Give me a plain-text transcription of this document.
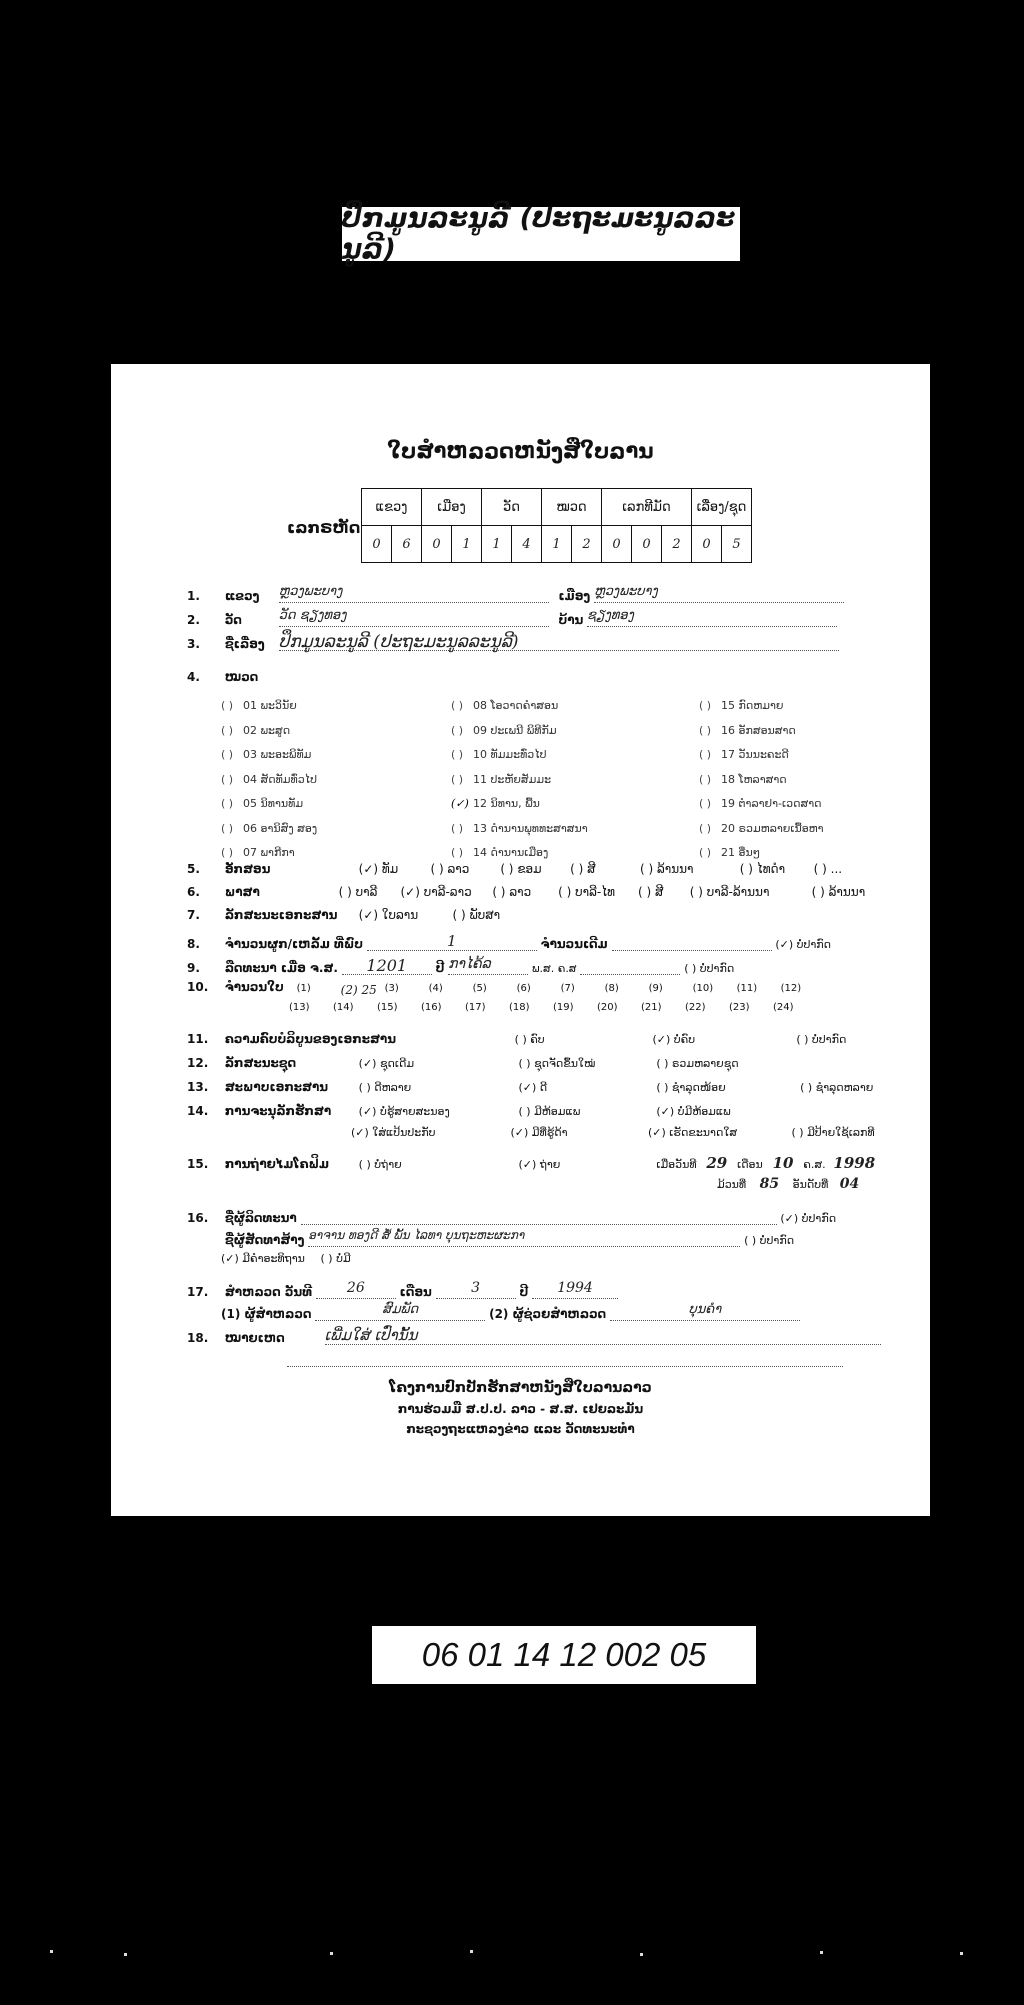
ປຶກມູນລະນູລີ (ປະຖະມະນູລລະນູລີ)
ໃບສຳຫລວດຫນັງສືໃບລານ
ເລກຣຫັດ
ແຂວງ		ເມືອງ		ວັດ		ໝວດ		ເລກທີມັດ			ເລື່ອງ/ຊຸດ	
0	6	0	1	1	4	1	2	0	0	2	0	5
1. ແຂວງ ຫຼວງພະບາງ	ເມືອງ ຫຼວງພະບາງ
2. ວັດ	ວັດ ຊຽງທອງ	ບ້ານ ຊຽງທອງ
3. ຊື່ເລື່ອງ ປຶກມູນລະນູລີ (ປະຖະມະນູລລະນູລີ)
4. ໝວດ
( ) 01 ພະວິນັຍ
( ) 02 ພະສູດ
( ) 03 ພະອະພິທັມ
( ) 04 ສັດທັມທົ່ວໄປ
( ) 05 ນິທານທັມ
( ) 06 ອານິສົງ ສອງ
( ) 07 ພາກີກາ
( ) 08 ໂອວາດຄຳສອນ
( ) 09 ປະເພນີ ພິທີກັມ
( ) 10 ທັມມະທົ່ວໄປ
( ) 11 ປະຫັຍສັມມະ
(✓) 12 ນິທານ, ພື້ນ
( ) 13 ດຳນານພຸທທະສາສນາ
( ) 14 ດຳນານເມືອງ
( ) 15 ກົດຫມາຍ
( ) 16 ອັກສອນສາດ
( ) 17 ວັນນະຄະດີ
( ) 18 ໂຫລາສາດ
( ) 19 ຕຳລາຢາ-ເວດສາດ
( ) 20 ຣວມຫລາຍເນື້ອຫາ
( ) 21 ອື່ນໆ
5. ອັກສອນ	(✓) ທັມ	( ) ລາວ	( ) ຂອມ ( ) ສີ	( ) ລ້ານນາ	( ) ໄທດຳ ( ) ...
6. ພາສາ	( ) ບາລີ (✓) ບາລີ-ລາວ ( ) ລາວ ( ) ບາລີ-ໄທ ( ) ສີ ( ) ບາລີ-ລ້ານນາ	( ) ລ້ານນາ
7. ລັກສະນະເອກະສານ (✓) ໃບລານ	( ) ພັບສາ
8. ຈຳນວນຜູກ/ເຫລັ້ມ ທີ່ພົບ	1	ຈຳນວນເດີມ	(✓) ບໍ່ປາກົດ
9. ລືດທະນາ ເມື່ອ ຈ.ສ. 1201 ປີ ກາໄຄ້ລ	ພ.ສ. ຄ.ສ	( ) ບໍ່ປາກົດ
10. ຈຳນວນໃບ (1)	(2) 25 (3)	(4)	(5)	(6)	(7)	(8)	(9)	(10)	(11)	(12)
(13)	(14)	(15)	(16)	(17)	(18)	(19)	(20)	(21)	(22)	(23)	(24)
11. ຄວາມຄົບບໍລິບູນຂອງເອກະສານ	( ) ຄົບ	(✓) ບໍ່ຄົບ	( ) ບໍ່ປາກົດ
12. ລັກສະນະຊຸດ	(✓) ຊຸດເດີມ	( ) ຊຸດຈັດຂຶ້ນໃໝ່	( ) ຣວມຫລາຍຊຸດ
13. ສະພາບເອກະສານ	( ) ດີຫລາຍ	(✓) ດີ	( ) ຊຳລຸດໜ້ອຍ	( ) ຊຳລຸດຫລາຍ
14. ການຈະນຸລັກຮັກສາ	(✓) ບໍ່ຮູ້ສາຍສະນອງ	( ) ມີຫ້ອມແພ	(✓) ບໍ່ມີຫ້ອມແພ
(✓) ໃສ່ແປ້ນປະກັບ	(✓) ມີທີ່ຮູ້ດ້າ	(✓) ເຮັດຂະນາດໃສ	( ) ມີປ້າຍໃຊ້ເລກທີ
15. ການຖ່າຍໄມໂຄຟິມ	( ) ບໍ່ຖ່າຍ	(✓) ຖ່າຍ	ເມື່ອວັນທີ 29 ເດືອນ 10 ຄ.ສ. 1998
ມ້ວນທີ່ 85 ອັນດັບທີ່ 04
16. ຊື່ຜູ້ລິດທະນາ	(✓) ບໍ່ປາກົດ
ຊື່ຜູ້ສັດທາສ້າງ ອາຈານ ທອງດີ ສໍ້ ພັ້ນ ໄລທາ ບຸນຖະຫະຜະກາ	( ) ບໍ່ປາກົດ
(✓) ມີຄຳອະທິຖານ ( ) ບໍ່ມີ
17. ສຳຫລວດ ວັນທີ 26	ເດືອນ	3	ປີ 1994
(1) ຜູ້ສຳຫລວດ	ສົມພັດ	(2) ຜູ້ຊ່ວຍສຳຫລວດ	ບຸນຄຳ
18. ໝາຍເຫດ	ເພີ່ມໃສ່ ເປົ່ານັ້ນ
ໂຄງການປົກປັກຮັກສາຫນັງສືໃບລານລາວ
ການຮ່ວມມື ສ.ປ.ປ. ລາວ - ສ.ສ. ເຢຍລະມັນ
ກະຊວງຖະແຫລງຂ່າວ ແລະ ວັດທະນະທຳ
06 01 14 12 002 05
